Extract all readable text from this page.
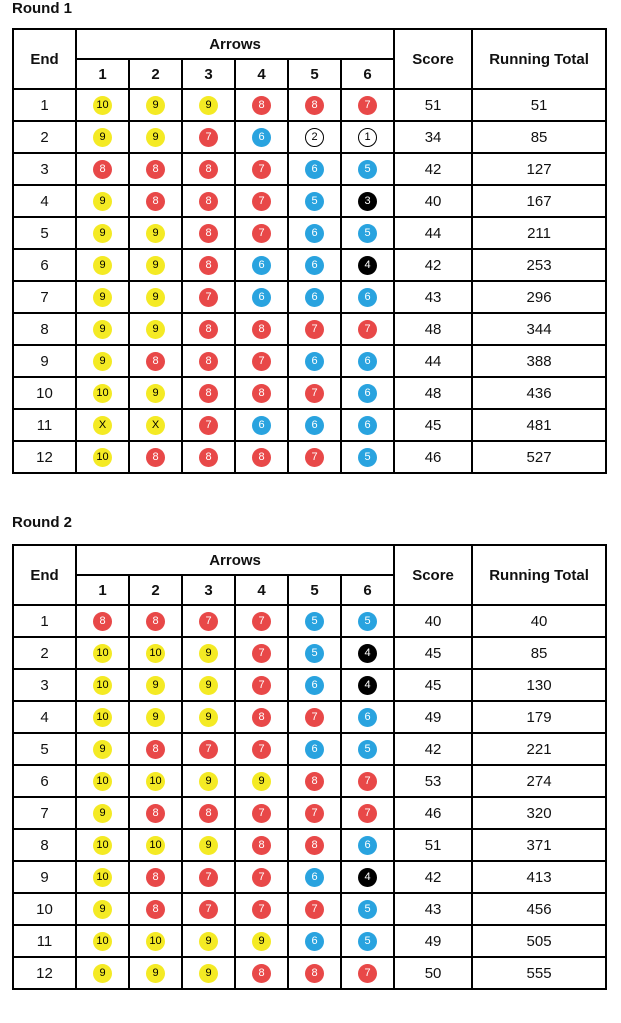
Round 1
End	Arrows						Score	Running Total
	1	2	3	4	5	6		
1	10	9	9	8	8	7	51	51
2	9	9	7	6	2	1	34	85
3	8	8	8	7	6	5	42	127
4	9	8	8	7	5	3	40	167
5	9	9	8	7	6	5	44	211
6	9	9	8	6	6	4	42	253
7	9	9	7	6	6	6	43	296
8	9	9	8	8	7	7	48	344
9	9	8	8	7	6	6	44	388
10	10	9	8	8	7	6	48	436
11	X	X	7	6	6	6	45	481
12	10	8	8	8	7	5	46	527
Round 2
End	Arrows						Score	Running Total
	1	2	3	4	5	6		
1	8	8	7	7	5	5	40	40
2	10	10	9	7	5	4	45	85
3	10	9	9	7	6	4	45	130
4	10	9	9	8	7	6	49	179
5	9	8	7	7	6	5	42	221
6	10	10	9	9	8	7	53	274
7	9	8	8	7	7	7	46	320
8	10	10	9	8	8	6	51	371
9	10	8	7	7	6	4	42	413
10	9	8	7	7	7	5	43	456
11	10	10	9	9	6	5	49	505
12	9	9	9	8	8	7	50	555
